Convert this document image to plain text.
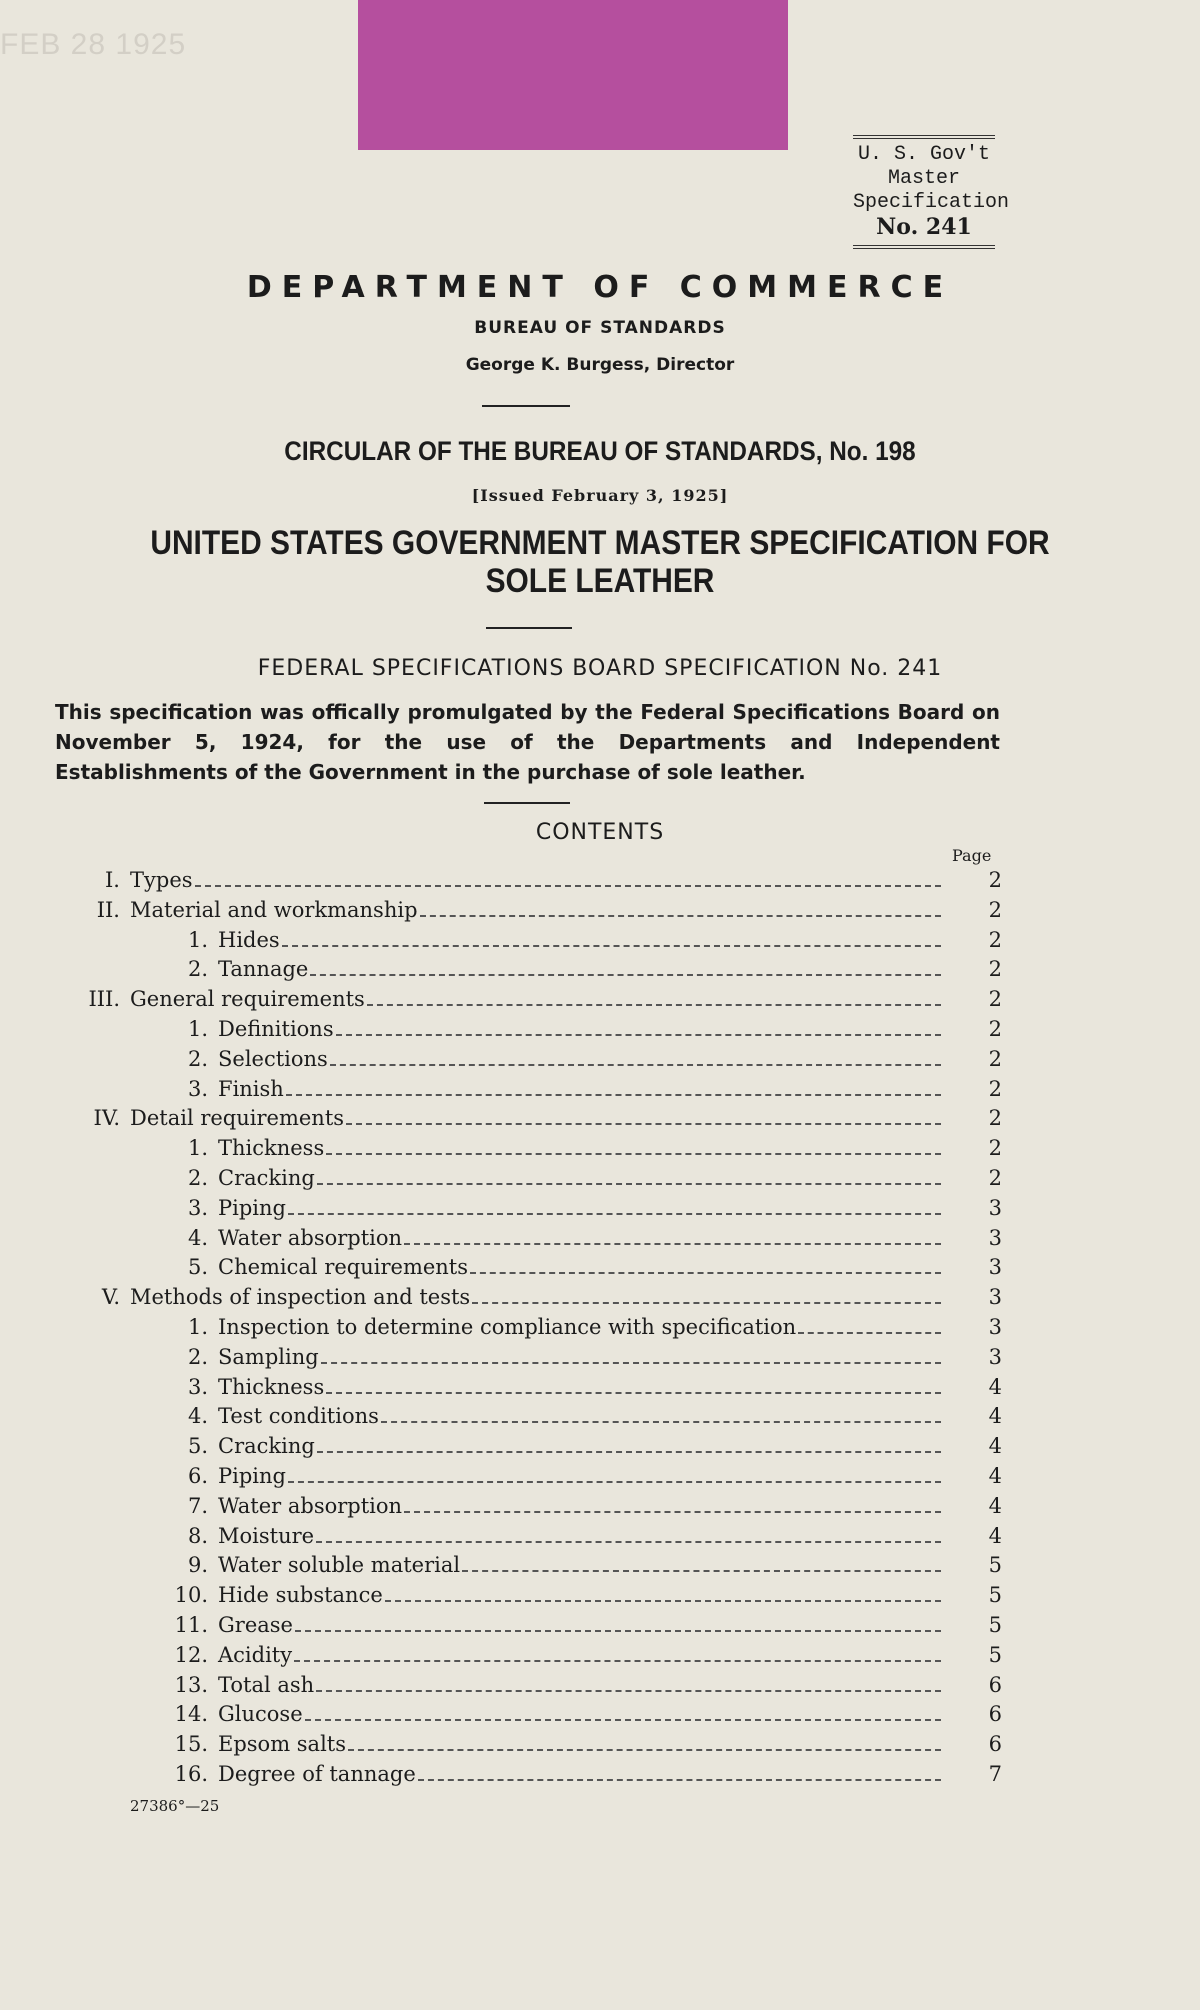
FEB 28 1925
U. S. Gov't
Master
Specification
No. 241
DEPARTMENT OF COMMERCE
BUREAU OF STANDARDS
George K. Burgess, Director
CIRCULAR OF THE BUREAU OF STANDARDS, No. 198
[Issued February 3, 1925]
UNITED STATES GOVERNMENT MASTER SPECIFICATION FOR
SOLE LEATHER
FEDERAL SPECIFICATIONS BOARD SPECIFICATION No. 241
This specification was offically promulgated by the Federal Specifications Board on November 5, 1924, for the use of the Departments and Independent Establishments of the Government in the purchase of sole leather.
CONTENTS
Page
I. Types	2
II. Material and workmanship	2
1. Hides	2
2. Tannage	2
III. General requirements	2
1. Definitions	2
2. Selections	2
3. Finish	2
IV. Detail requirements	2
1. Thickness	2
2. Cracking	2
3. Piping	3
4. Water absorption	3
5. Chemical requirements	3
V. Methods of inspection and tests	3
1. Inspection to determine compliance with specification	3
2. Sampling	3
3. Thickness	4
4. Test conditions	4
5. Cracking	4
6. Piping	4
7. Water absorption	4
8. Moisture	4
9. Water soluble material	5
10. Hide substance	5
11. Grease	5
12. Acidity	5
13. Total ash	6
14. Glucose	6
15. Epsom salts	6
16. Degree of tannage	7
27386°—25
